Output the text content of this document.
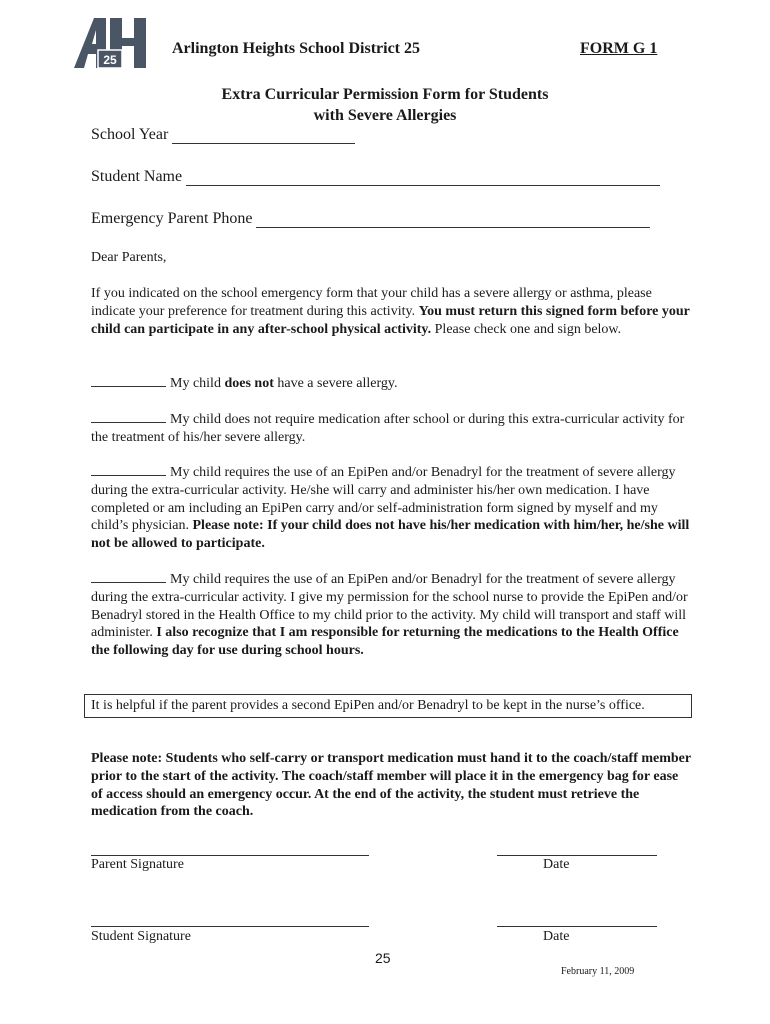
25
Arlington Heights School District 25	FORM G 1
Extra Curricular Permission Form for Students
with Severe Allergies
School Year
Student Name
Emergency Parent Phone
Dear Parents,
If you indicated on the school emergency form that your child has a severe allergy or asthma, please indicate your preference for treatment during this activity. You must return this signed form before your child can participate in any after-school physical activity. Please check one and sign below.
My child does not have a severe allergy.
My child does not require medication after school or during this extra-curricular activity for the treatment of his/her severe allergy.
My child requires the use of an EpiPen and/or Benadryl for the treatment of severe allergy during the extra-curricular activity. He/she will carry and administer his/her own medication. I have completed or am including an EpiPen carry and/or self-administration form signed by myself and my child’s physician. Please note: If your child does not have his/her medication with him/her, he/she will not be allowed to participate.
My child requires the use of an EpiPen and/or Benadryl for the treatment of severe allergy during the extra-curricular activity. I give my permission for the school nurse to provide the EpiPen and/or Benadryl stored in the Health Office to my child prior to the activity. My child will transport and staff will administer. I also recognize that I am responsible for returning the medications to the Health Office the following day for use during school hours.
It is helpful if the parent provides a second EpiPen and/or Benadryl to be kept in the nurse’s office.
Please note: Students who self-carry or transport medication must hand it to the coach/staff member prior to the start of the activity. The coach/staff member will place it in the emergency bag for ease of access should an emergency occur. At the end of the activity, the student must retrieve the medication from the coach.
Parent Signature	Date
Student Signature	Date
25
February 11, 2009
